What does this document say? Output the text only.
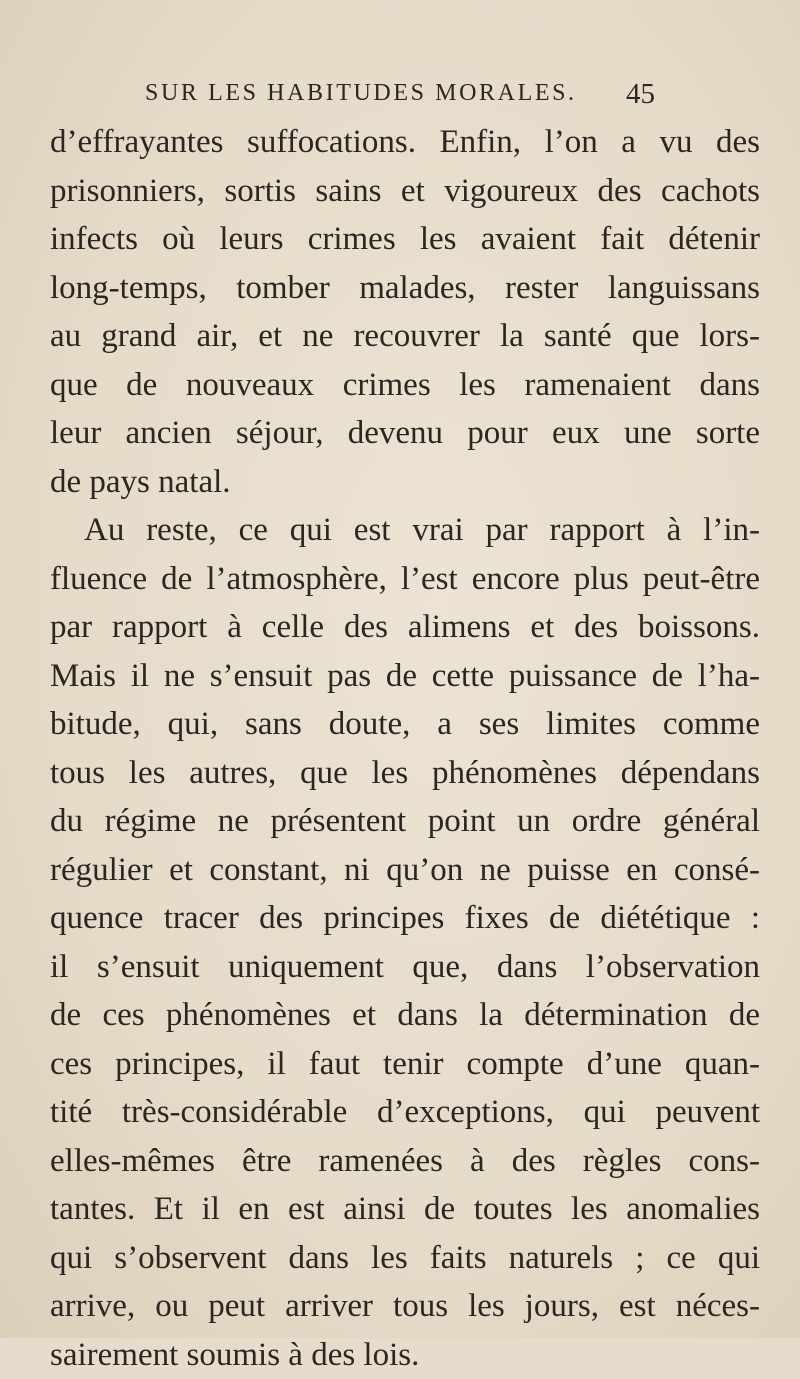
SUR LES HABITUDES MORALES. 45
d’effrayantes suffocations. Enfin, l’on a vu des
prisonniers, sortis sains et vigoureux des cachots
infects où leurs crimes les avaient fait détenir
long-temps, tomber malades, rester languissans
au grand air, et ne recouvrer la santé que lors-
que de nouveaux crimes les ramenaient dans
leur ancien séjour, devenu pour eux une sorte
de pays natal.
Au reste, ce qui est vrai par rapport à l’in-
fluence de l’atmosphère, l’est encore plus peut-être
par rapport à celle des alimens et des boissons.
Mais il ne s’ensuit pas de cette puissance de l’ha-
bitude, qui, sans doute, a ses limites comme
tous les autres, que les phénomènes dépendans
du régime ne présentent point un ordre général
régulier et constant, ni qu’on ne puisse en consé-
quence tracer des principes fixes de diététique :
il s’ensuit uniquement que, dans l’observation
de ces phénomènes et dans la détermination de
ces principes, il faut tenir compte d’une quan-
tité très-considérable d’exceptions, qui peuvent
elles-mêmes être ramenées à des règles cons-
tantes. Et il en est ainsi de toutes les anomalies
qui s’observent dans les faits naturels ; ce qui
arrive, ou peut arriver tous les jours, est néces-
sairement soumis à des lois.
